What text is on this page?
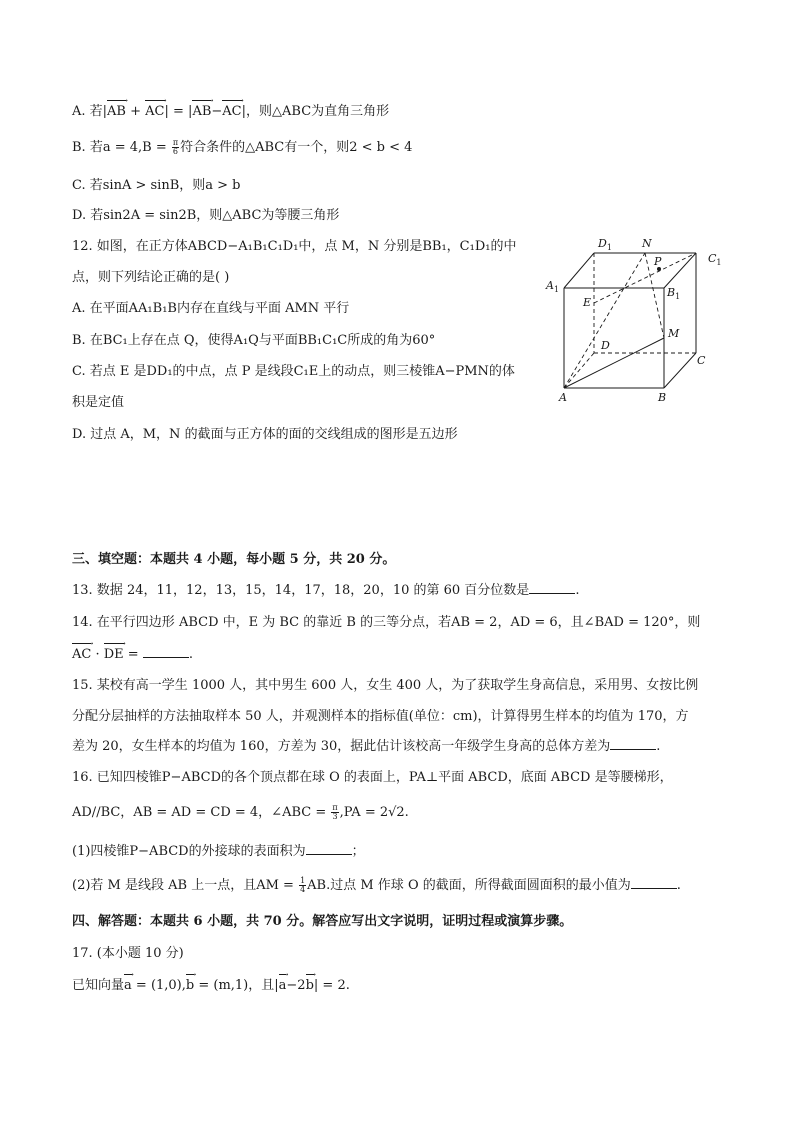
A. 若|AB → + AC →| = |AB →−AC →|，则△ABC为直角三角形
B. 若$a = 4,B = \frac{\pi}{6}$ 符合条件的△ABC有一个，则2 < b < 4
C. 若sinA > sinB，则a > b
D. 若sin2A = sin2B，则△ABC为等腰三角形
12. 如图，在正方体ABCD−A₁B₁C₁D₁中，点 M，N 分别是BB₁，C₁D₁的中
点，则下列结论正确的是( )
A. 在平面AA₁B₁B内存在直线与平面 AMN 平行
B. 在BC₁上存在点 Q，使得A₁Q与平面BB₁C₁C所成的角为60°
C. 若点 E 是DD₁的中点，点 P 是线段C₁E上的动点，则三棱锥A−PMN的体
积是定值
D. 过点 A，M，N 的截面与正方体的面的交线组成的图形是五边形
$D_1$	N
$C_1$
P
$A_1$	$B_1$
E
M
D
C
A	B
三、填空题：本题共 4 小题，每小题 5 分，共 20 分。
13. 数据 24，11，12，13，15，14，17，18，20，10 的第 60 百分位数是	.
14. 在平行四边形 ABCD 中，E 为 BC 的靠近 B 的三等分点，若AB = 2，AD = 6，且∠BAD = 120°，则
AC → · DE → =	.
15. 某校有高一学生 1000 人，其中男生 600 人，女生 400 人，为了获取学生身高信息，采用男、女按比例
分配分层抽样的方法抽取样本 50 人，并观测样本的指标值(单位：cm)，计算得男生样本的均值为 170，方
差为 20，女生样本的均值为 160，方差为 30，据此估计该校高一年级学生身高的总体方差为	.
16. 已知四棱锥P−ABCD的各个顶点都在球 O 的表面上，PA⊥平面 ABCD，底面 ABCD 是等腰梯形，
AD//BC，AB = AD = CD = 4，∠ABC = $\frac{\pi}{3} ,PA = 2√2$.
(1)四棱锥P−ABCD的外接球的表面积为	；
(2)若 M 是线段 AB 上一点，且AM = $\frac{1}{4}$ AB.过点 M 作球 O 的截面，所得截面圆面积的最小值为	.
四、解答题：本题共 6 小题，共 70 分。解答应写出文字说明，证明过程或演算步骤。
17. (本小题 10 分)
已知向量a → = (1,0),b → = (m,1)，且|a →−2b →| = 2.
